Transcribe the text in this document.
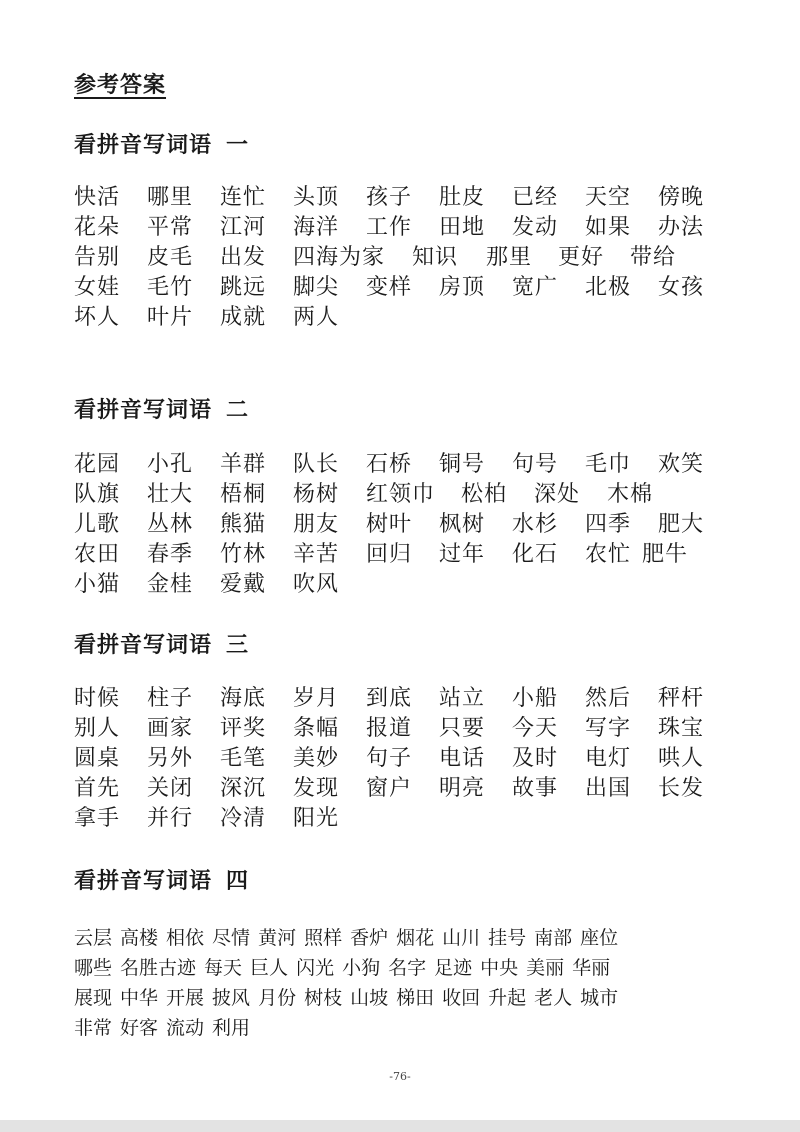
参考答案
看拼音写词语 一
快活 哪里 连忙 头顶 孩子 肚皮 已经 天空 傍晚
花朵 平常 江河 海洋 工作 田地 发动 如果 办法
告别 皮毛 出发 四海为家 知识 那里 更好 带给
女娃 毛竹 跳远 脚尖 变样 房顶 宽广 北极 女孩
坏人 叶片 成就 两人
看拼音写词语 二
花园 小孔 羊群 队长 石桥 铜号 句号 毛巾 欢笑
队旗 壮大 梧桐 杨树 红领巾 松柏 深处 木棉
儿歌 丛林 熊猫 朋友 树叶 枫树 水杉 四季 肥大
农田 春季 竹林 辛苦 回归 过年 化石 农忙 肥牛
小猫 金桂 爱戴 吹风
看拼音写词语 三
时候 柱子 海底 岁月 到底 站立 小船 然后 秤杆
别人 画家 评奖 条幅 报道 只要 今天 写字 珠宝
圆桌 另外 毛笔 美妙 句子 电话 及时 电灯 哄人
首先 关闭 深沉 发现 窗户 明亮 故事 出国 长发
拿手 并行 冷清 阳光
看拼音写词语 四
云层 高楼 相依 尽情 黄河 照样 香炉 烟花 山川 挂号 南部 座位
哪些 名胜古迹 每天 巨人 闪光 小狗 名字 足迹 中央 美丽 华丽
展现 中华 开展 披风 月份 树枝 山坡 梯田 收回 升起 老人 城市
非常 好客 流动 利用
-76-
